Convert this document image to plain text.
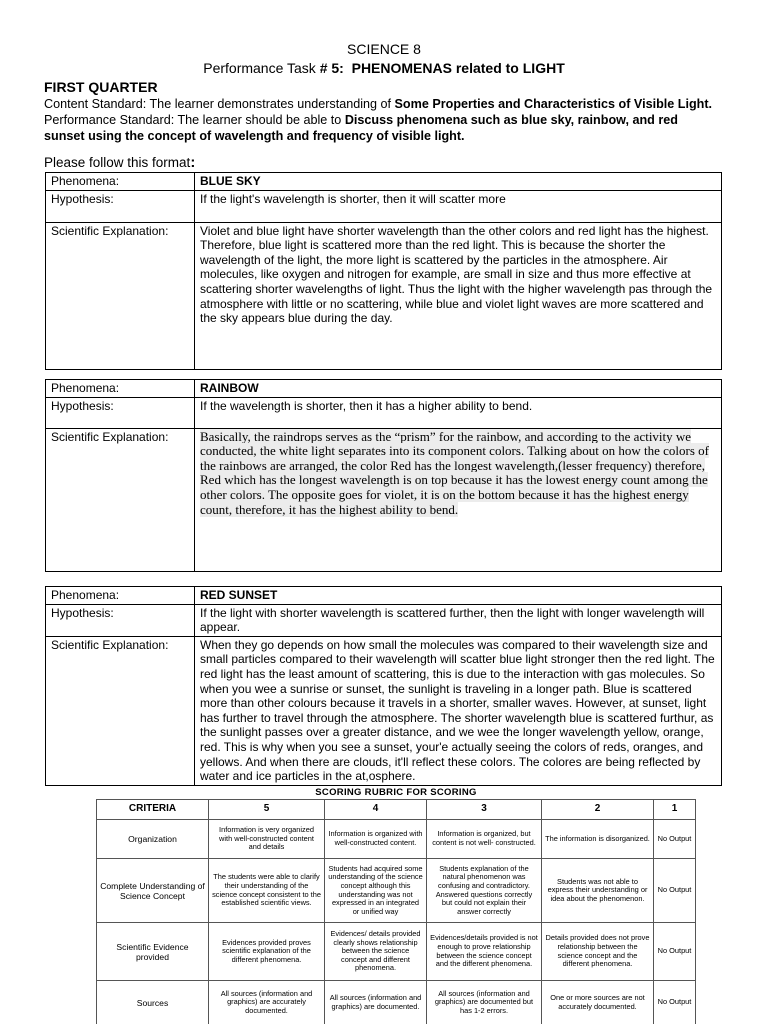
SCIENCE 8
Performance Task # 5: PHENOMENAS related to LIGHT
FIRST QUARTER
Content Standard: The learner demonstrates understanding of Some Properties and Characteristics of Visible Light.
Performance Standard: The learner should be able to Discuss phenomena such as blue sky, rainbow, and red
sunset using the concept of wavelength and frequency of visible light.
Please follow this format:
Phenomena:	BLUE SKY
Hypothesis:	If the light's wavelength is shorter, then it will scatter more
Scientific Explanation:	Violet and blue light have shorter wavelength than the other colors and red light has the highest. Therefore, blue light is scattered more than the red light. This is because the shorter the wavelength of the light, the more light is scattered by the particles in the atmosphere. Air molecules, like oxygen and nitrogen for example, are small in size and thus more effective at scattering shorter wavelengths of light. Thus the light with the higher wavelength pas through the atmosphere with little or no scattering, while blue and violet light waves are more scattered and the sky appears blue during the day.
Phenomena:	RAINBOW
Hypothesis:	If the wavelength is shorter, then it has a higher ability to bend.
Scientific Explanation:	Basically, the raindrops serves as the “prism” for the rainbow, and according to the activity we conducted, the white light separates into its component colors. Talking about on how the colors of the rainbows are arranged, the color Red has the longest wavelength,(lesser frequency) therefore, Red which has the longest wavelength is on top because it has the lowest energy count among the other colors. The opposite goes for violet, it is on the bottom because it has the highest energy count, therefore, it has the highest ability to bend.
Phenomena:	RED SUNSET
Hypothesis:	If the light with shorter wavelength is scattered further, then the light with longer wavelength will appear.
Scientific Explanation:	When they go depends on how small the molecules was compared to their wavelength size and small particles compared to their wavelength will scatter blue light stronger then the red light. The red light has the least amount of scattering, this is due to the interaction with gas molecules. So when you wee a sunrise or sunset, the sunlight is traveling in a longer path. Blue is scattered more than other colours because it travels in a shorter, smaller waves. However, at sunset, light has further to travel through the atmosphere. The shorter wavelength blue is scattered furthur, as the sunlight passes over a greater distance, and we wee the longer wavelength yellow, orange, red. This is why when you see a sunset, your'e actually seeing the colors of reds, oranges, and yellows. And when there are clouds, it'll reflect these colors. The colores are being reflected by water and ice particles in the at,osphere.
SCORING RUBRIC FOR SCORING
CRITERIA	5	4	3	2	1
Organization	Information is very organized with well-constructed content and details	Information is organized with well-constructed content.	Information is organized, but content is not well- constructed.	The information is disorganized.	No Output
Complete Understanding of Science Concept	The students were able to clarify their understanding of the science concept consistent to the established scientific views.	Students had acquired some understanding of the science concept although this understanding was not expressed in an integrated or unified way	Students explanation of the natural phenomenon was confusing and contradictory. Answered questions correctly but could not explain their answer correctly	Students was not able to express their understanding or idea about the phenomenon.	No Output
Scientific Evidence provided	Evidences provided proves scientific explanation of the different phenomena.	Evidences/ details provided clearly shows relationship between the science concept and different phenomena.	Evidences/details provided is not enough to prove relationship between the science concept and the different phenomena.	Details provided does not prove relationship between the science concept and the different phenomena.	No Output
Sources	All sources (information and graphics) are accurately documented.	All sources (information and graphics) are documented.	All sources (information and graphics) are documented but has 1-2 errors.	One or more sources are not accurately documented.	No Output
